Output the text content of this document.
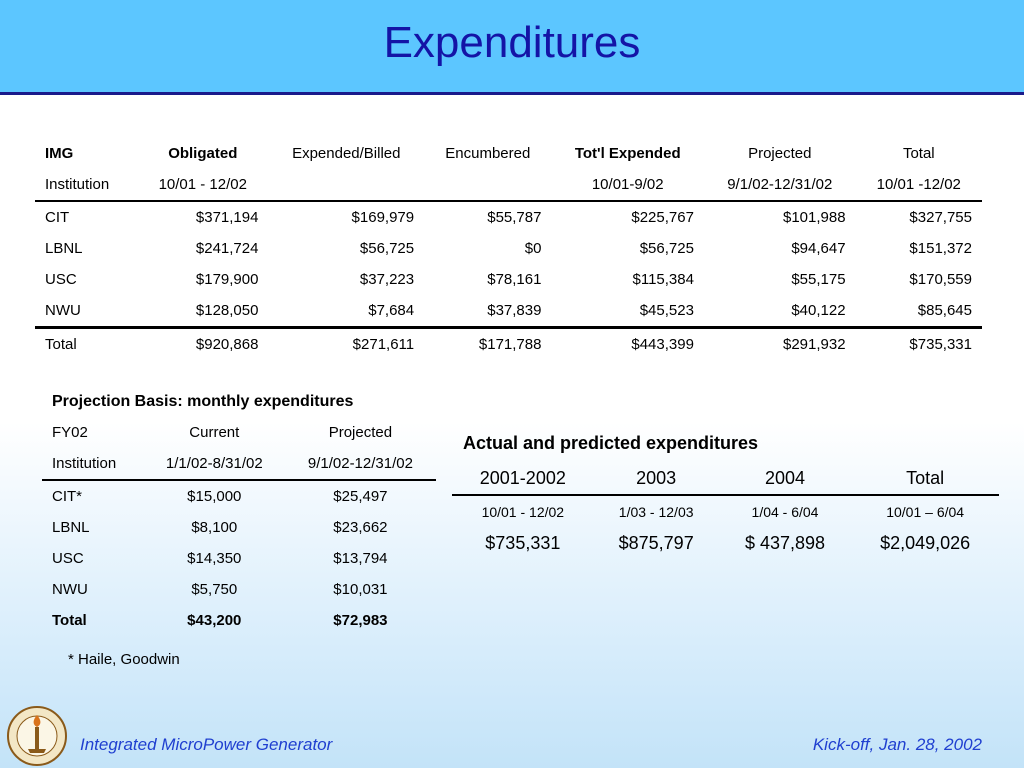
Expenditures
IMG	Obligated	Expended/Billed	Encumbered	Tot'l Expended	Projected	Total
Institution	10/01 - 12/02			10/01-9/02	9/1/02-12/31/02	10/01 -12/02
CIT	$371,194	$169,979	$55,787	$225,767	$101,988	$327,755
LBNL	$241,724	$56,725	$0	$56,725	$94,647	$151,372
USC	$179,900	$37,223	$78,161	$115,384	$55,175	$170,559
NWU	$128,050	$7,684	$37,839	$45,523	$40,122	$85,645
Total	$920,868	$271,611	$171,788	$443,399	$291,932	$735,331
Projection Basis: monthly expenditures		
FY02	Current	Projected
Institution	1/1/02-8/31/02	9/1/02-12/31/02
CIT*	$15,000	$25,497
LBNL	$8,100	$23,662
USC	$14,350	$13,794
NWU	$5,750	$10,031
Total	$43,200	$72,983
* Haile, Goodwin
Actual and predicted expenditures
2001-2002	2003	2004	Total
10/01 - 12/02	1/03 - 12/03	1/04 - 6/04	10/01 – 6/04
$735,331	$875,797	$ 437,898	$2,049,026
Integrated MicroPower Generator	Kick-off, Jan. 28, 2002
